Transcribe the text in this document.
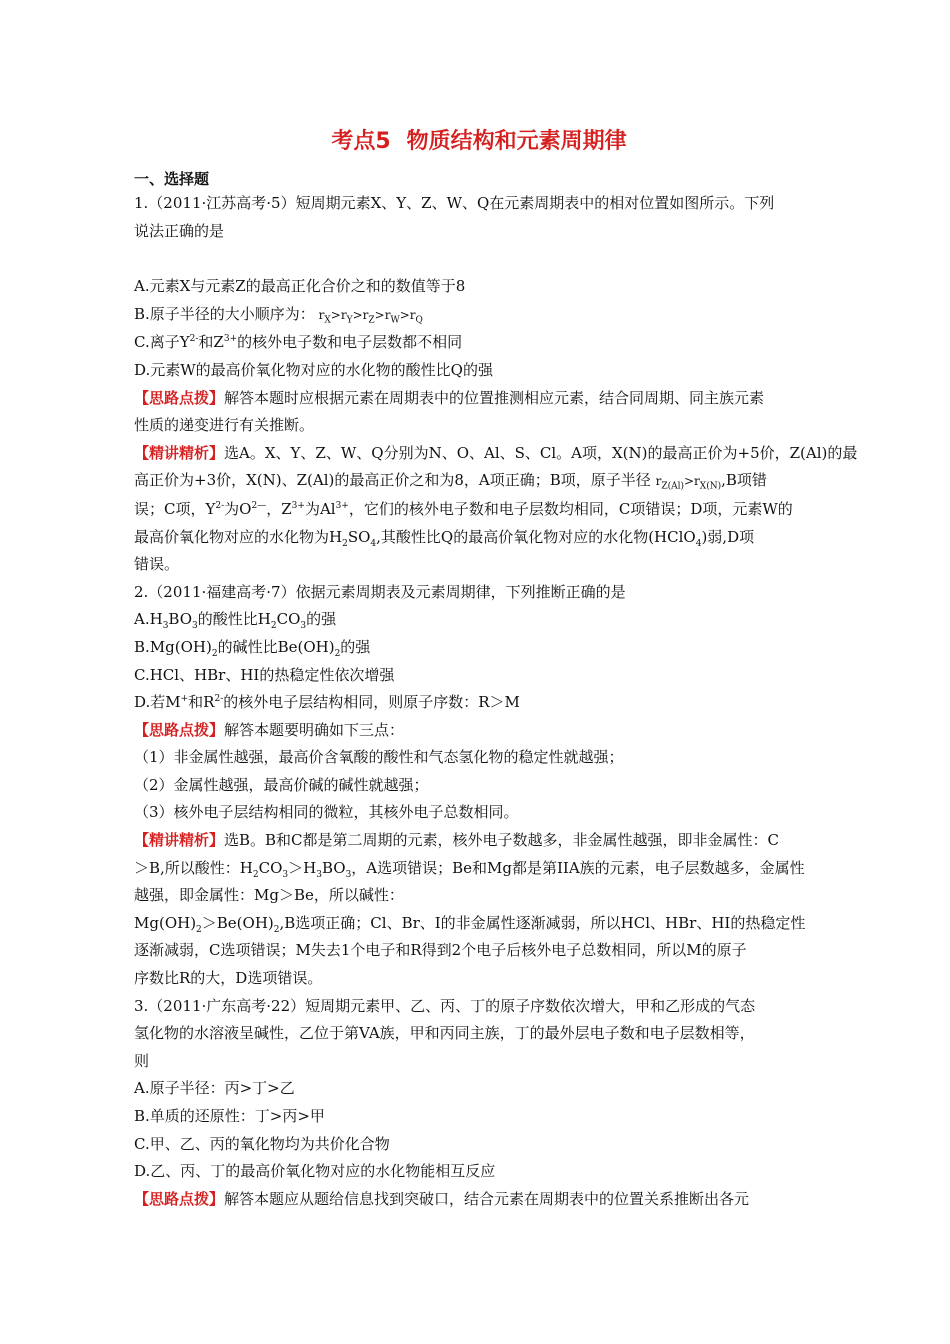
考点5 物质结构和元素周期律
一、选择题
1.（2011·江苏高考·5）短周期元素X、Y、Z、W、Q在元素周期表中的相对位置如图所示。下列
说法正确的是
A.元素X与元素Z的最高正化合价之和的数值等于8
B.原子半径的大小顺序为： $r_X>r_Y>r_Z>r_W>r_Q$
C.离子$Y^{2-}$和$Z^{3+}$的核外电子数和电子层数都不相同
D.元素W的最高价氧化物对应的水化物的酸性比Q的强
【思路点拨】解答本题时应根据元素在周期表中的位置推测相应元素，结合同周期、同主族元素
性质的递变进行有关推断。
【精讲精析】选A。X、Y、Z、W、Q分别为N、O、Al、S、Cl。A项，X(N)的最高正价为+5价，Z(Al)的最
高正价为+3价，X(N)、Z(Al)的最高正价之和为8，A项正确；B项，原子半径 $r_{Z(Al)}>r_{X(N)},B$项错
误；C项，$Y^{2-}$为$O^{2—}$，$Z^{3+}$为$Al^{3+}$，它们的核外电子数和电子层数均相同，C项错误；D项，元素W的
最高价氧化物对应的水化物为$H_2SO_4$,其酸性比Q的最高价氧化物对应的水化物(HClO$_4$)弱,D项
错误。
2.（2011·福建高考·7）依据元素周期表及元素周期律，下列推断正确的是
$A.H_3BO_3$的酸性比$H_2CO_3$的强
$B.Mg(OH)_2$的碱性比$Be(OH)_2$的强
C.HCl、HBr、HI的热稳定性依次增强
D.若M+和$R^{2-}$的核外电子层结构相同，则原子序数：R＞M
【思路点拨】解答本题要明确如下三点：
（1）非金属性越强，最高价含氧酸的酸性和气态氢化物的稳定性就越强；
（2）金属性越强，最高价碱的碱性就越强；
（3）核外电子层结构相同的微粒，其核外电子总数相同。
【精讲精析】选B。B和C都是第二周期的元素，核外电子数越多，非金属性越强，即非金属性：C
＞B,所以酸性：$H_2CO_3>H_3BO_3$，A选项错误；Be和Mg都是第IIA族的元素，电子层数越多，金属性
越强，即金属性：Mg＞Be，所以碱性：
$Mg(OH)_2>Be(OH)_2,B$选项正确；Cl、Br、I的非金属性逐渐减弱，所以HCl、HBr、HI的热稳定性
逐渐减弱，C选项错误；M失去1个电子和R得到2个电子后核外电子总数相同，所以M的原子
序数比R的大，D选项错误。
3.（2011·广东高考·22）短周期元素甲、乙、丙、丁的原子序数依次增大，甲和乙形成的气态
氢化物的水溶液呈碱性，乙位于第VA族，甲和丙同主族，丁的最外层电子数和电子层数相等，
则
A.原子半径：丙>丁>乙
B.单质的还原性：丁>丙>甲
C.甲、乙、丙的氧化物均为共价化合物
D.乙、丙、丁的最高价氧化物对应的水化物能相互反应
【思路点拨】解答本题应从题给信息找到突破口，结合元素在周期表中的位置关系推断出各元
